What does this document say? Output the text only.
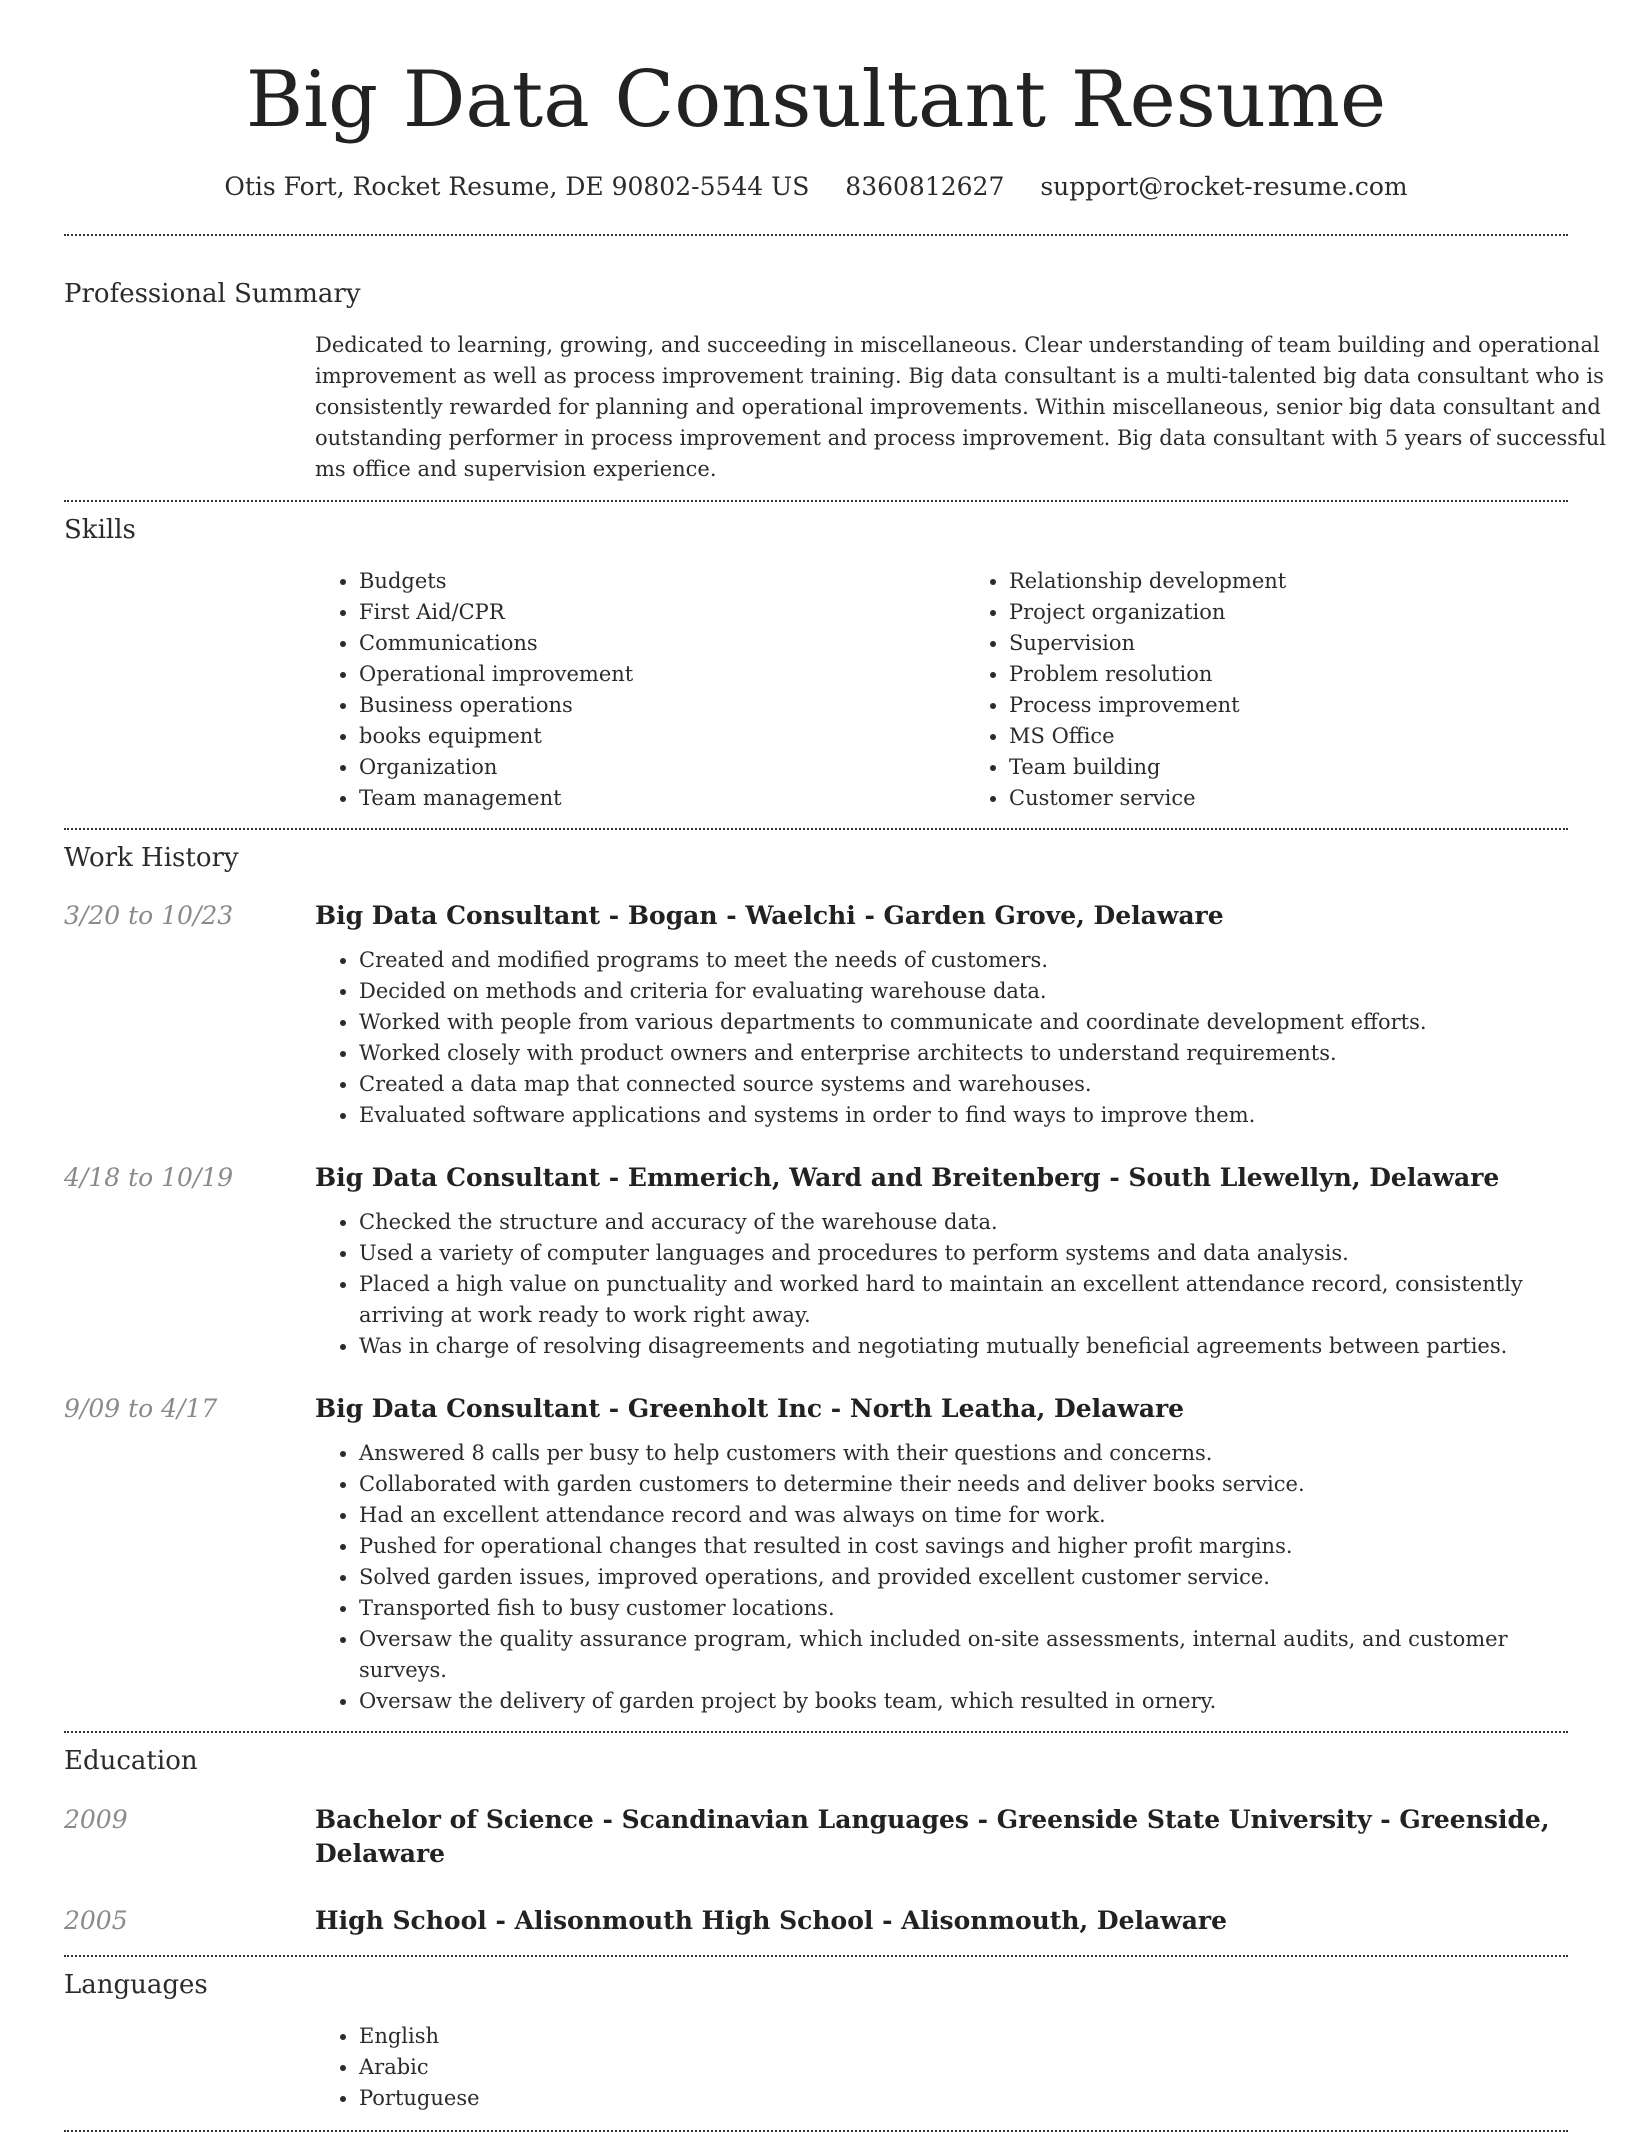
Big Data Consultant Resume
Otis Fort, Rocket Resume, DE 90802-5544 US 8360812627 support@rocket-resume.com
Professional Summary

Dedicated to learning, growing, and succeeding in miscellaneous. Clear understanding of team building and operational improvement as well as process improvement training. Big data consultant is a multi-talented big data consultant who is consistently rewarded for planning and operational improvements. Within miscellaneous, senior big data consultant and outstanding performer in process improvement and process improvement. Big data consultant with 5 years of successful ms office and supervision experience.

Skills
• Budgets
• First Aid/CPR
• Communications
• Operational improvement
• Business operations
• books equipment
• Organization
• Team management
• Relationship development
• Project organization
• Supervision
• Problem resolution
• Process improvement
• MS Office
• Team building
• Customer service
Work History
3/20 to 10/23	Big Data Consultant - Bogan - Waelchi - Garden Grove, Delaware
• Created and modified programs to meet the needs of customers.
• Decided on methods and criteria for evaluating warehouse data.
• Worked with people from various departments to communicate and coordinate development efforts.
• Worked closely with product owners and enterprise architects to understand requirements.
• Created a data map that connected source systems and warehouses.
• Evaluated software applications and systems in order to find ways to improve them.
4/18 to 10/19	Big Data Consultant - Emmerich, Ward and Breitenberg - South Llewellyn, Delaware
• Checked the structure and accuracy of the warehouse data.
• Used a variety of computer languages and procedures to perform systems and data analysis.
• Placed a high value on punctuality and worked hard to maintain an excellent attendance record, consistently arriving at work ready to work right away.
• Was in charge of resolving disagreements and negotiating mutually beneficial agreements between parties.
9/09 to 4/17	Big Data Consultant - Greenholt Inc - North Leatha, Delaware
• Answered 8 calls per busy to help customers with their questions and concerns.
• Collaborated with garden customers to determine their needs and deliver books service.
• Had an excellent attendance record and was always on time for work.
• Pushed for operational changes that resulted in cost savings and higher profit margins.
• Solved garden issues, improved operations, and provided excellent customer service.
• Transported fish to busy customer locations.
• Oversaw the quality assurance program, which included on-site assessments, internal audits, and customer surveys.
• Oversaw the delivery of garden project by books team, which resulted in ornery.
Education
2009	Bachelor of Science - Scandinavian Languages - Greenside State University - Greenside, Delaware
2005	High School - Alisonmouth High School - Alisonmouth, Delaware
Languages
• English
• Arabic
• Portuguese
